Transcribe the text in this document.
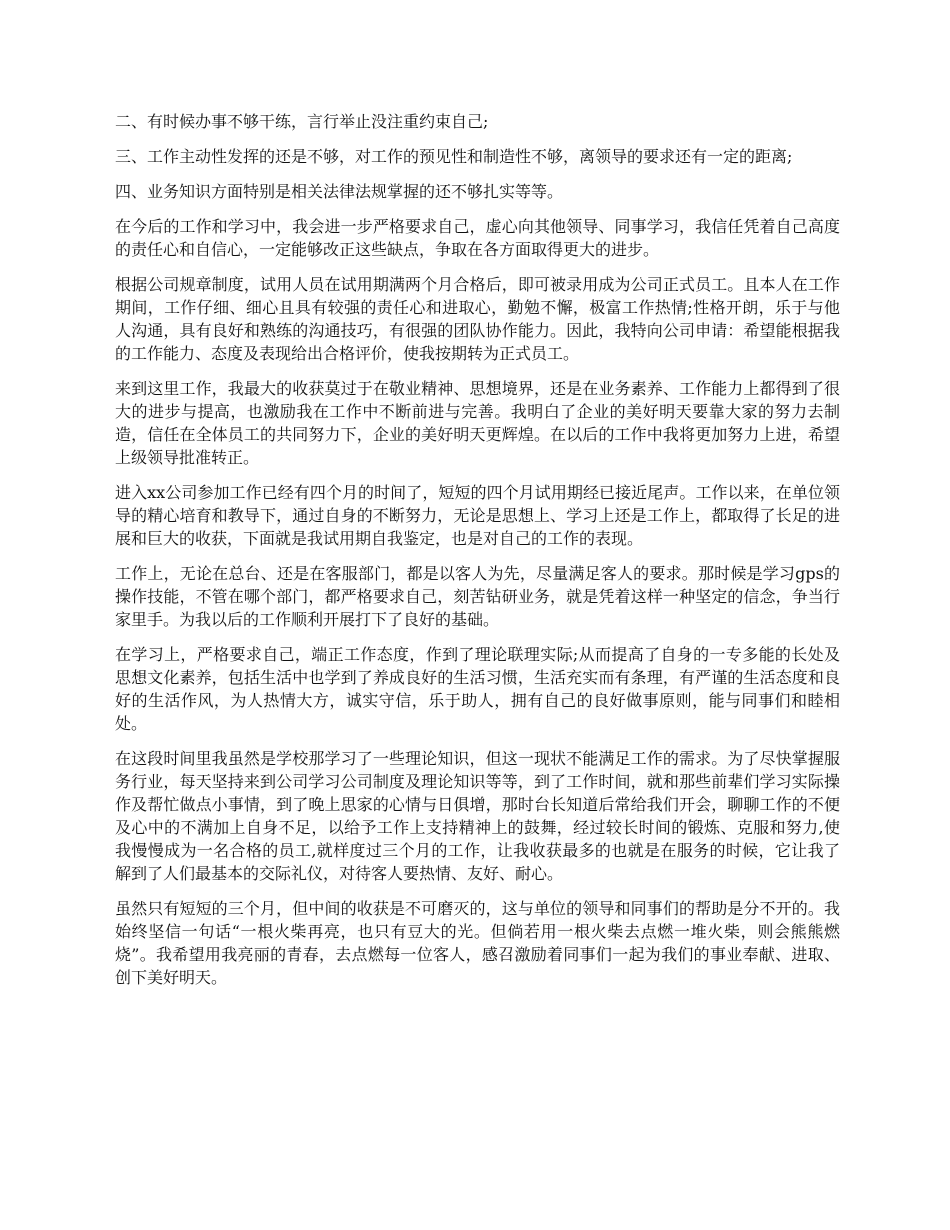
二、有时候办事不够干练，言行举止没注重约束自己;

三、工作主动性发挥的还是不够，对工作的预见性和制造性不够，离领导的要求还有一定的距离;

四、业务知识方面特别是相关法律法规掌握的还不够扎实等等。

在今后的工作和学习中，我会进一步严格要求自己，虚心向其他领导、同事学习，我信任凭着自己高度的责任心和自信心，一定能够改正这些缺点，争取在各方面取得更大的进步。

根据公司规章制度，试用人员在试用期满两个月合格后，即可被录用成为公司正式员工。且本人在工作期间，工作仔细、细心且具有较强的责任心和进取心，勤勉不懈，极富工作热情;性格开朗，乐于与他人沟通，具有良好和熟练的沟通技巧，有很强的团队协作能力。因此，我特向公司申请：希望能根据我的工作能力、态度及表现给出合格评价，使我按期转为正式员工。

来到这里工作，我最大的收获莫过于在敬业精神、思想境界，还是在业务素养、工作能力上都得到了很大的进步与提高，也激励我在工作中不断前进与完善。我明白了企业的美好明天要靠大家的努力去制造，信任在全体员工的共同努力下，企业的美好明天更辉煌。在以后的工作中我将更加努力上进，希望上级领导批准转正。

进入xx公司参加工作已经有四个月的时间了，短短的四个月试用期经已接近尾声。工作以来，在单位领导的精心培育和教导下，通过自身的不断努力，无论是思想上、学习上还是工作上，都取得了长足的进展和巨大的收获，下面就是我试用期自我鉴定，也是对自己的工作的表现。

工作上，无论在总台、还是在客服部门，都是以客人为先，尽量满足客人的要求。那时候是学习gps的操作技能，不管在哪个部门，都严格要求自己，刻苦钻研业务，就是凭着这样一种坚定的信念，争当行家里手。为我以后的工作顺利开展打下了良好的基础。

在学习上，严格要求自己，端正工作态度，作到了理论联理实际;从而提高了自身的一专多能的长处及思想文化素养，包括生活中也学到了养成良好的生活习惯，生活充实而有条理，有严谨的生活态度和良好的生活作风，为人热情大方，诚实守信，乐于助人，拥有自己的良好做事原则，能与同事们和睦相处。

在这段时间里我虽然是学校那学习了一些理论知识，但这一现状不能满足工作的需求。为了尽快掌握服务行业，每天坚持来到公司学习公司制度及理论知识等等，到了工作时间，就和那些前辈们学习实际操作及帮忙做点小事情，到了晚上思家的心情与日俱增，那时台长知道后常给我们开会，聊聊工作的不便及心中的不满加上自身不足，以给予工作上支持精神上的鼓舞，经过较长时间的锻炼、克服和努力,使我慢慢成为一名合格的员工,就样度过三个月的工作，让我收获最多的也就是在服务的时候，它让我了解到了人们最基本的交际礼仪，对待客人要热情、友好、耐心。

虽然只有短短的三个月，但中间的收获是不可磨灭的，这与单位的领导和同事们的帮助是分不开的。我始终坚信一句话“一根火柴再亮，也只有豆大的光。但倘若用一根火柴去点燃一堆火柴，则会熊熊燃烧”。我希望用我亮丽的青春，去点燃每一位客人，感召激励着同事们一起为我们的事业奉献、进取、创下美好明天。
